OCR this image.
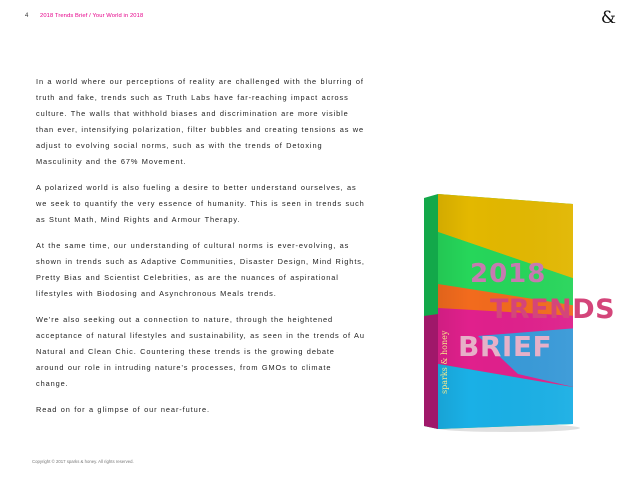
4 2018 Trends Brief / Your World in 2018	&

In a world where our perceptions of reality are challenged with the blurring of truth and fake, trends such as Truth Labs have far-reaching impact across culture. The walls that withhold biases and discrimination are more visible than ever, intensifying polarization, filter bubbles and creating tensions as we adjust to evolving social norms, such as with the trends of Detoxing Masculinity and the 67% Movement.

A polarized world is also fueling a desire to better understand ourselves, as we seek to quantify the very essence of humanity. This is seen in trends such as Stunt Math, Mind Rights and Armour Therapy.

At the same time, our understanding of cultural norms is ever-evolving, as shown in trends such as Adaptive Communities, Disaster Design, Mind Rights, Pretty Bias and Scientist Celebrities, as are the nuances of aspirational lifestyles with Biodosing and Asynchronous Meals trends.

We’re also seeking out a connection to nature, through the heightened acceptance of natural lifestyles and sustainability, as seen in the trends of Au Natural and Clean Chic. Countering these trends is the growing debate around our role in intruding nature’s processes, from GMOs to climate change.

Read on for a glimpse of our near-future.

2018
TRENDS
BRIEF
sparks & honey
Copyright © 2017 sparks & honey. All rights reserved.
